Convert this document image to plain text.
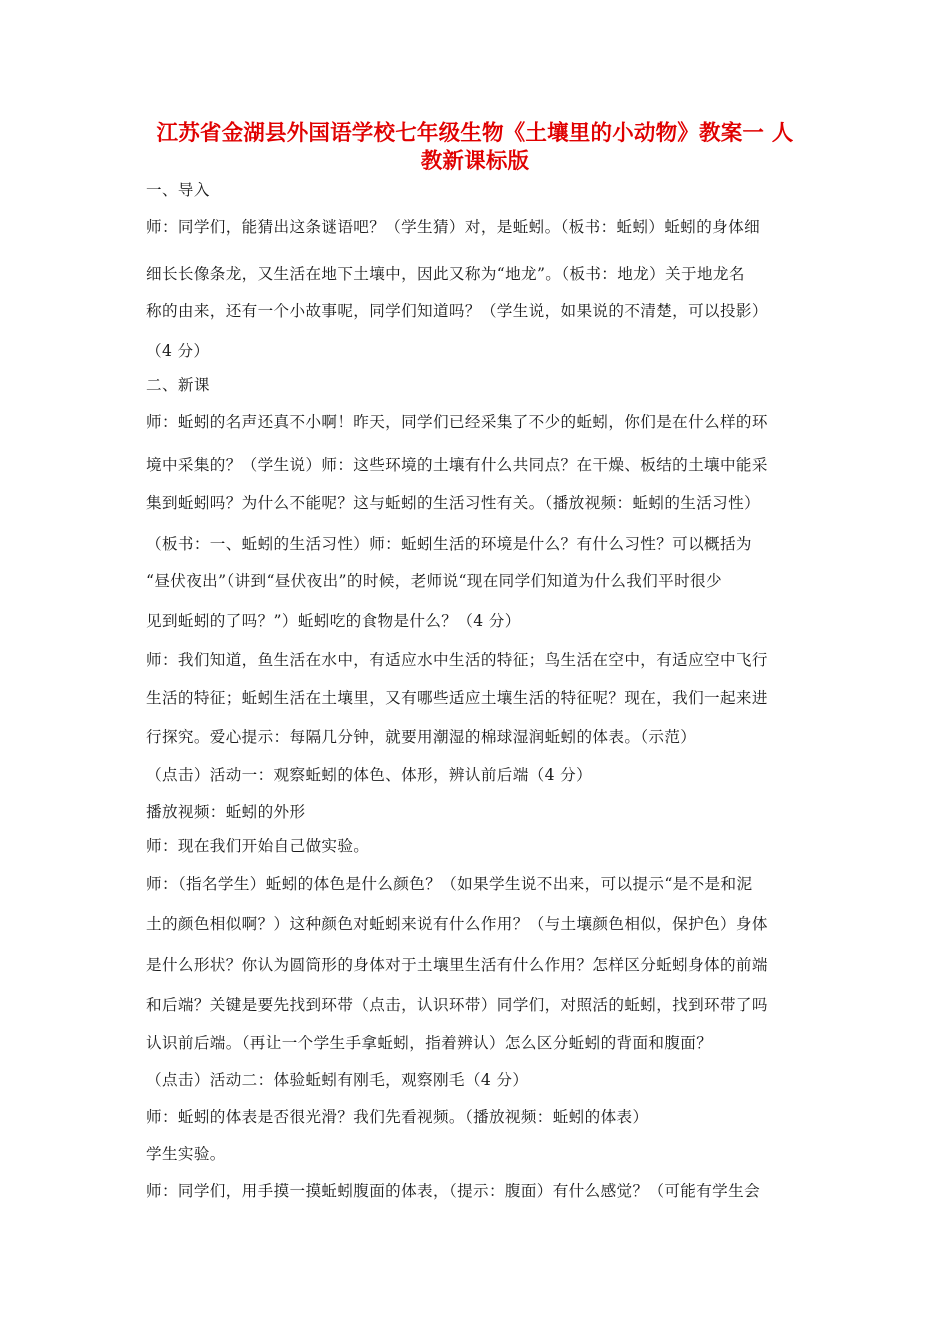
江苏省金湖县外国语学校七年级生物《土壤里的小动物》教案一 人
教新课标版
一、导入
师：同学们，能猜出这条谜语吧？（学生猜）对，是蚯蚓。（板书：蚯蚓）蚯蚓的身体细
细长长像条龙，又生活在地下土壤中，因此又称为“地龙”。（板书：地龙）关于地龙名
称的由来，还有一个小故事呢，同学们知道吗？（学生说，如果说的不清楚，可以投影）
（4 分）
二、新课
师：蚯蚓的名声还真不小啊！昨天，同学们已经采集了不少的蚯蚓，你们是在什么样的环
境中采集的？（学生说）师：这些环境的土壤有什么共同点？在干燥、板结的土壤中能采
集到蚯蚓吗？为什么不能呢？这与蚯蚓的生活习性有关。（播放视频：蚯蚓的生活习性）
（板书：一、蚯蚓的生活习性）师：蚯蚓生活的环境是什么？有什么习性？可以概括为
“昼伏夜出”（讲到“昼伏夜出”的时候，老师说“现在同学们知道为什么我们平时很少
见到蚯蚓的了吗？”）蚯蚓吃的食物是什么？（4 分）
师：我们知道，鱼生活在水中，有适应水中生活的特征；鸟生活在空中，有适应空中飞行
生活的特征；蚯蚓生活在土壤里，又有哪些适应土壤生活的特征呢？现在，我们一起来进
行探究。爱心提示：每隔几分钟，就要用潮湿的棉球湿润蚯蚓的体表。（示范）
（点击）活动一：观察蚯蚓的体色、体形，辨认前后端（4 分）
播放视频：蚯蚓的外形
师：现在我们开始自己做实验。
师：（指名学生）蚯蚓的体色是什么颜色？（如果学生说不出来，可以提示“是不是和泥
土的颜色相似啊？）这种颜色对蚯蚓来说有什么作用？（与土壤颜色相似，保护色）身体
是什么形状？你认为圆筒形的身体对于土壤里生活有什么作用？怎样区分蚯蚓身体的前端
和后端？关键是要先找到环带（点击，认识环带）同学们，对照活的蚯蚓，找到环带了吗
认识前后端。（再让一个学生手拿蚯蚓，指着辨认）怎么区分蚯蚓的背面和腹面？
（点击）活动二：体验蚯蚓有刚毛，观察刚毛（4 分）
师：蚯蚓的体表是否很光滑？我们先看视频。（播放视频：蚯蚓的体表）
学生实验。
师：同学们，用手摸一摸蚯蚓腹面的体表，（提示：腹面）有什么感觉？（可能有学生会
